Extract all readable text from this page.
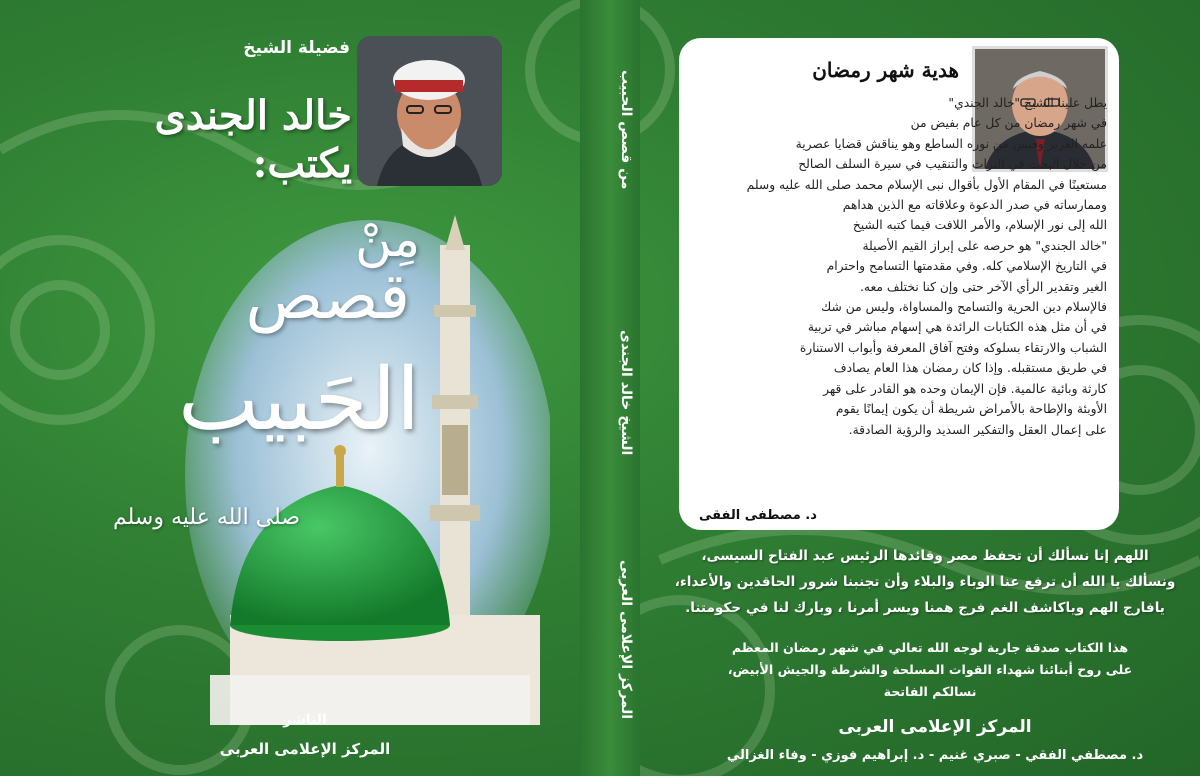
فضيلة الشيخ
خالد الجندى
يكتب:
مِنْ
قصص
الحَبيب
صلى الله عليه وسلم
الناشر
المركز الإعلامى العربى
من قصص الحبيب
الشيخ خالد الجندى
المركز الإعلامى العربى
هدية شهر رمضان

يطل علينا الشيخ "خالد الجندي"

في شهر رمضان من كل عام بفيض من

علمه الغزير وقبس من نوره الساطع وهو يناقش قضايا عصرية

من خلال البحث في التراث والتنقيب في سيرة السلف الصالح

مستعينًا في المقام الأول بأقوال نبى الإسلام محمد صلى الله عليه وسلم

وممارساته في صدر الدعوة وعلاقاته مع الذين هداهم

الله إلى نور الإسلام، والأمر اللافت فيما كتبه الشيخ

"خالد الجندي" هو حرصه على إبراز القيم الأصيلة

في التاريخ الإسلامي كله. وفي مقدمتها التسامح واحترام

الغير وتقدير الرأي الآخر حتى وإن كنا نختلف معه.

فالإسلام دين الحرية والتسامح والمساواة، وليس من شك

في أن مثل هذه الكتابات الرائدة هي إسهام مباشر في تربية

الشباب والارتقاء بسلوكه وفتح آفاق المعرفة وأبواب الاستنارة

في طريق مستقبله. وإذا كان رمضان هذا العام يصادف

كارثة وبائية عالمية. فإن الإيمان وحده هو القادر على قهر

الأوبئة والإطاحة بالأمراض شريطة أن يكون إيمانًا يقوم

على إعمال العقل والتفكير السديد والرؤية الصادقة.

د. مصطفى الفقى
اللهم إنا نسألك أن تحفظ مصر وقائدها الرئيس عبد الفتاح السيسى،
ونسألك يا الله أن ترفع عنا الوباء والبلاء وأن تجنبنا شرور الحاقدين والأعداء،
يافارج الهم وياكاشف الغم فرج همنا ويسر أمرنا ، وبارك لنا في حكومتنا.
هذا الكتاب صدقة جارية لوجه الله تعالي في شهر رمضان المعظم
على روح أبنائنا شهداء القوات المسلحة والشرطة والجيش الأبيض،
نسالكم الفاتحة
المركز الإعلامى العربى
د. مصطفي الفقي - صبري غنيم - د. إبراهيم فوزي - وفاء الغزالي
